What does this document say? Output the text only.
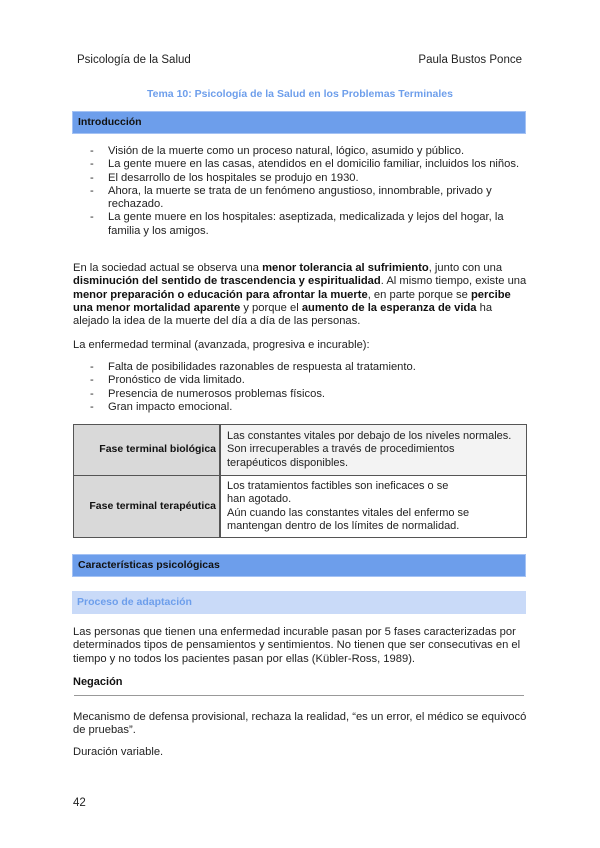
Psicología de la Salud	Paula Bustos Ponce
Tema 10: Psicología de la Salud en los Problemas Terminales
Introducción
- Visión de la muerte como un proceso natural, lógico, asumido y público.
- La gente muere en las casas, atendidos en el domicilio familiar, incluidos los niños.
- El desarrollo de los hospitales se produjo en 1930.
- Ahora, la muerte se trata de un fenómeno angustioso, innombrable, privado y rechazado.
- La gente muere en los hospitales: aseptizada, medicalizada y lejos del hogar, la familia y los amigos.
En la sociedad actual se observa una menor tolerancia al sufrimiento, junto con una disminución del sentido de trascendencia y espiritualidad. Al mismo tiempo, existe una menor preparación o educación para afrontar la muerte, en parte porque se percibe una menor mortalidad aparente y porque el aumento de la esperanza de vida ha alejado la idea de la muerte del día a día de las personas.
La enfermedad terminal (avanzada, progresiva e incurable):
- Falta de posibilidades razonables de respuesta al tratamiento.
- Pronóstico de vida limitado.
- Presencia de numerosos problemas físicos.
- Gran impacto emocional.
Fase terminal biológica	Las constantes vitales por debajo de los niveles normales.
Son irrecuperables a través de procedimientos
terapéuticos disponibles.

Fase terminal terapéutica	Los tratamientos factibles son ineficaces o se
han agotado.
Aún cuando las constantes vitales del enfermo se
mantengan dentro de los límites de normalidad.
Características psicológicas
Proceso de adaptación
Las personas que tienen una enfermedad incurable pasan por 5 fases caracterizadas por determinados tipos de pensamientos y sentimientos. No tienen que ser consecutivas en el tiempo y no todos los pacientes pasan por ellas (Kübler-Ross, 1989).
Negación
Mecanismo de defensa provisional, rechaza la realidad, “es un error, el médico se equivocó de pruebas”.
Duración variable.
42
